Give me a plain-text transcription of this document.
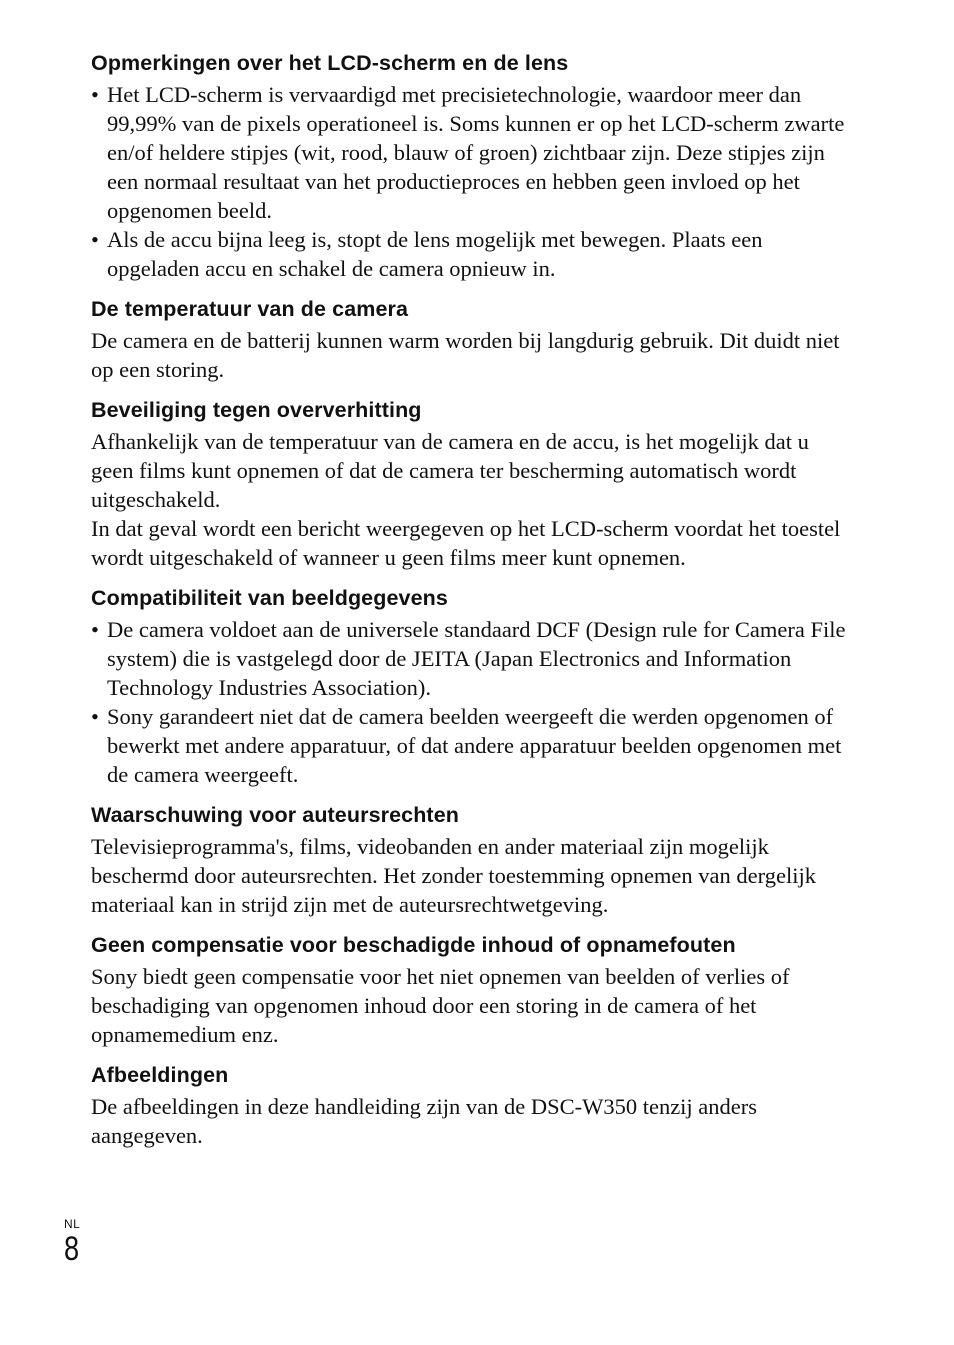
Opmerkingen over het LCD-scherm en de lens
• Het LCD-scherm is vervaardigd met precisietechnologie, waardoor meer dan 99,99% van de pixels operationeel is. Soms kunnen er op het LCD-scherm zwarte en/of heldere stipjes (wit, rood, blauw of groen) zichtbaar zijn. Deze stipjes zijn een normaal resultaat van het productieproces en hebben geen invloed op het opgenomen beeld.
• Als de accu bijna leeg is, stopt de lens mogelijk met bewegen. Plaats een opgeladen accu en schakel de camera opnieuw in.
De temperatuur van de camera

De camera en de batterij kunnen warm worden bij langdurig gebruik. Dit duidt niet op een storing.

Beveiliging tegen oververhitting

Afhankelijk van de temperatuur van de camera en de accu, is het mogelijk dat u geen films kunt opnemen of dat de camera ter bescherming automatisch wordt uitgeschakeld.

In dat geval wordt een bericht weergegeven op het LCD-scherm voordat het toestel wordt uitgeschakeld of wanneer u geen films meer kunt opnemen.

Compatibiliteit van beeldgegevens
• De camera voldoet aan de universele standaard DCF (Design rule for Camera File system) die is vastgelegd door de JEITA (Japan Electronics and Information Technology Industries Association).
• Sony garandeert niet dat de camera beelden weergeeft die werden opgenomen of bewerkt met andere apparatuur, of dat andere apparatuur beelden opgenomen met de camera weergeeft.
Waarschuwing voor auteursrechten

Televisieprogramma's, films, videobanden en ander materiaal zijn mogelijk beschermd door auteursrechten. Het zonder toestemming opnemen van dergelijk materiaal kan in strijd zijn met de auteursrechtwetgeving.

Geen compensatie voor beschadigde inhoud of opnamefouten

Sony biedt geen compensatie voor het niet opnemen van beelden of verlies of beschadiging van opgenomen inhoud door een storing in de camera of het opnamemedium enz.

Afbeeldingen

De afbeeldingen in deze handleiding zijn van de DSC-W350 tenzij anders aangegeven.

NL
8
